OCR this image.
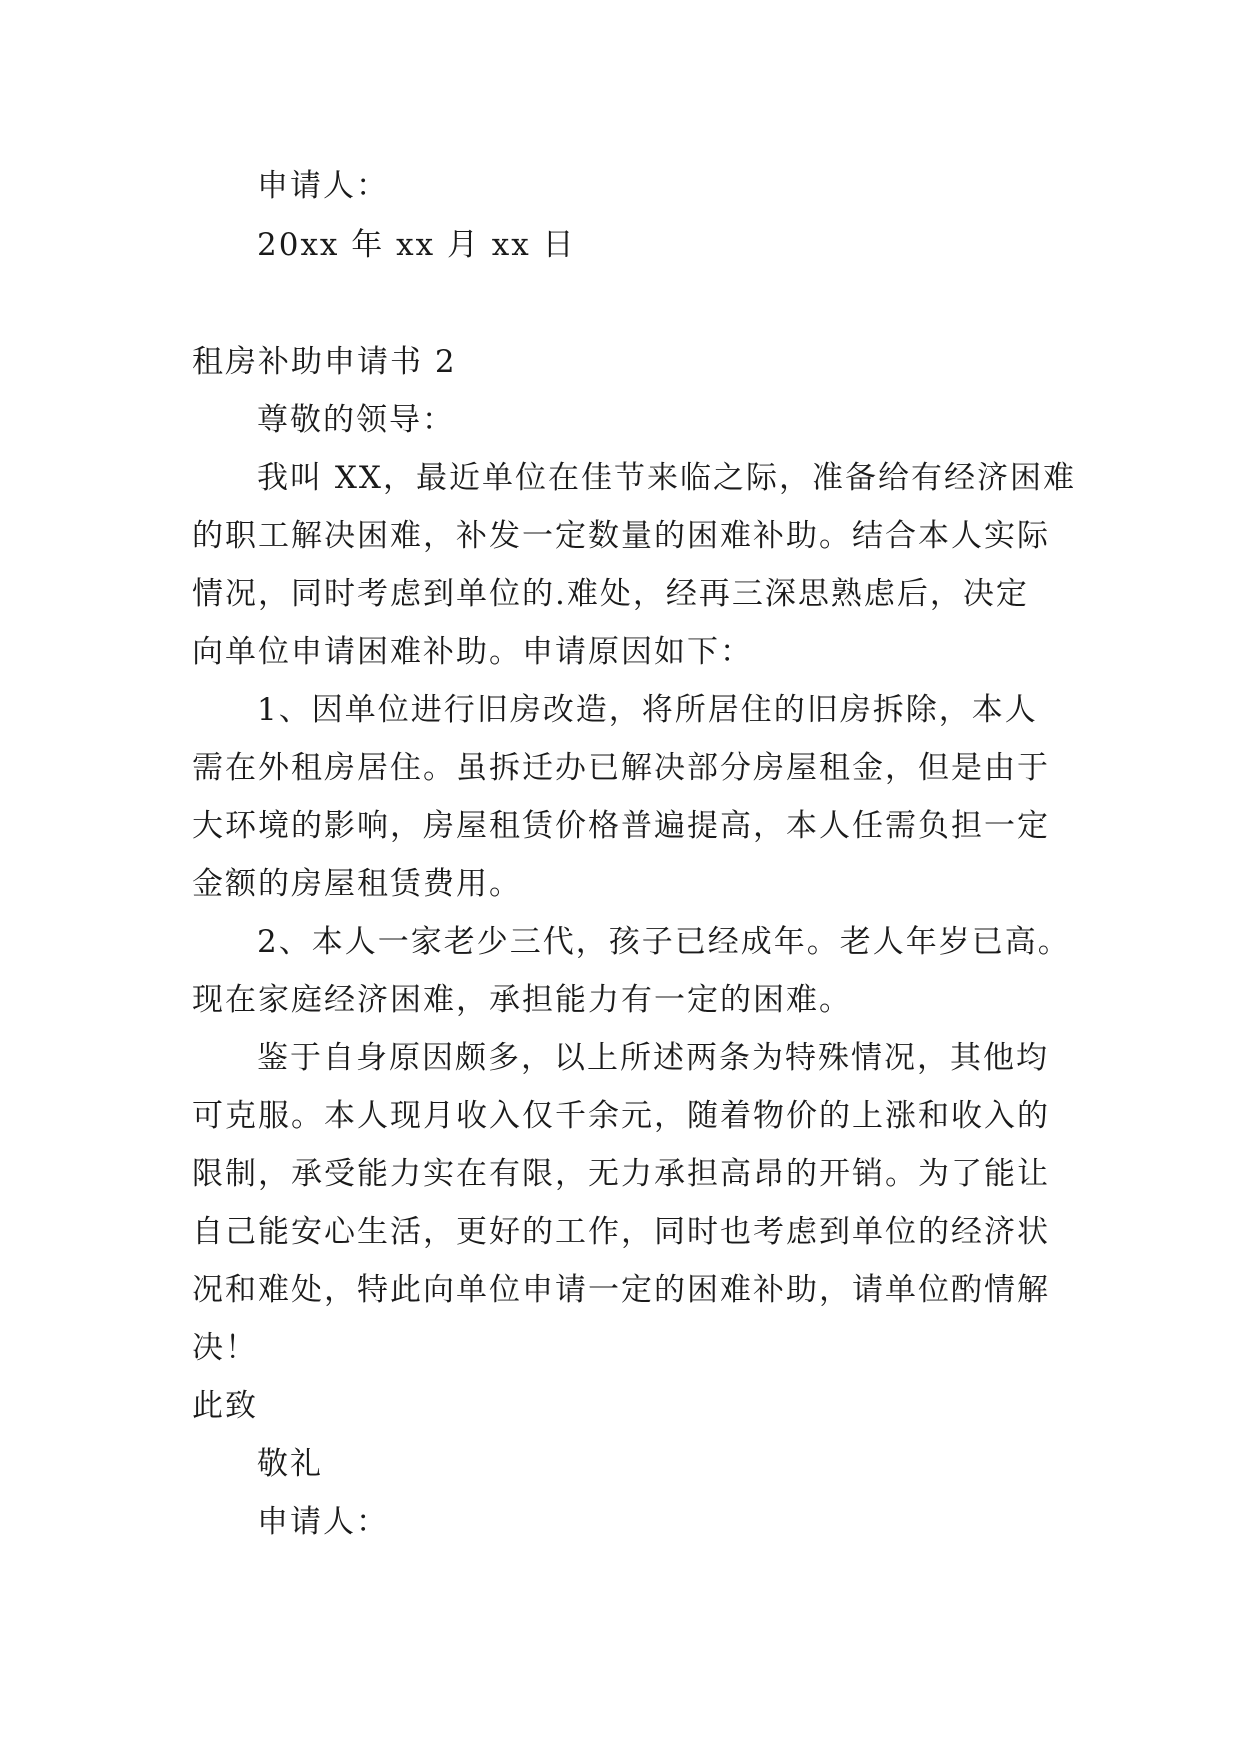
申请人：
20xx 年 xx 月 xx 日
租房补助申请书 2
尊敬的领导：
我叫 XX，最近单位在佳节来临之际，准备给有经济困难
的职工解决困难，补发一定数量的困难补助。结合本人实际
情况，同时考虑到单位的.难处，经再三深思熟虑后，决定
向单位申请困难补助。申请原因如下：
1、因单位进行旧房改造，将所居住的旧房拆除，本人
需在外租房居住。虽拆迁办已解决部分房屋租金，但是由于
大环境的影响，房屋租赁价格普遍提高，本人任需负担一定
金额的房屋租赁费用。
2、本人一家老少三代，孩子已经成年。老人年岁已高。
现在家庭经济困难，承担能力有一定的困难。
鉴于自身原因颇多，以上所述两条为特殊情况，其他均
可克服。本人现月收入仅千余元，随着物价的上涨和收入的
限制，承受能力实在有限，无力承担高昂的开销。为了能让
自己能安心生活，更好的工作，同时也考虑到单位的经济状
况和难处，特此向单位申请一定的困难补助，请单位酌情解
决！
此致
敬礼
申请人：
